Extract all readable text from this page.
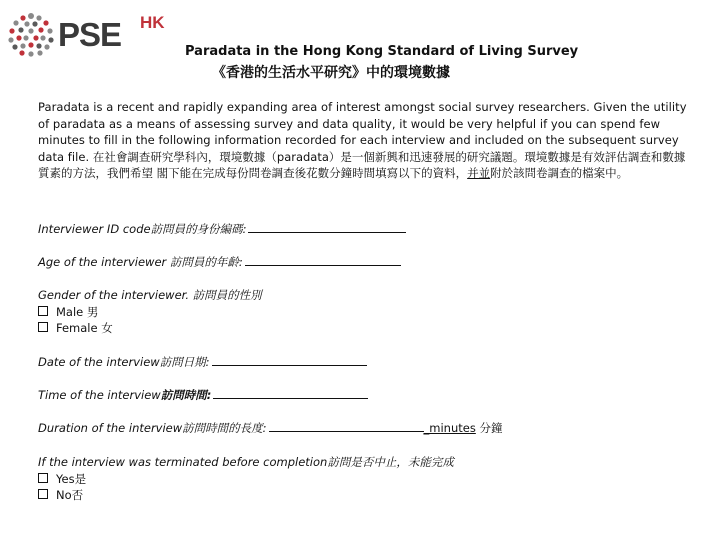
PSE HK
Paradata in the Hong Kong Standard of Living Survey
《香港的生活水平研究》中的環境數據
Paradata is a recent and rapidly expanding area of interest amongst social survey researchers. Given the utility of paradata as a means of assessing survey and data quality, it would be very helpful if you can spend few minutes to fill in the following information recorded for each interview and included on the subsequent survey data file. 在社會調查研究學科內，環境數據（paradata）是一個新興和迅速發展的研究議題。環境數據是有效評估調查和數據質素的方法，我們希望 閣下能在完成每份問卷調查後花數分鐘時間填寫以下的資料，并並附於該問卷調查的檔案中。
Interviewer ID code訪問員的身份編碼:
Age of the interviewer 訪問員的年齡:
Gender of the interviewer. 訪問員的性別
Male 男
Female 女
Date of the interview訪問日期:
Time of the interview訪問時間:
Duration of the interview訪問時間的長度:	_minutes 分鐘
If the interview was terminated before completion訪問是否中止，未能完成
Yes是
No否
